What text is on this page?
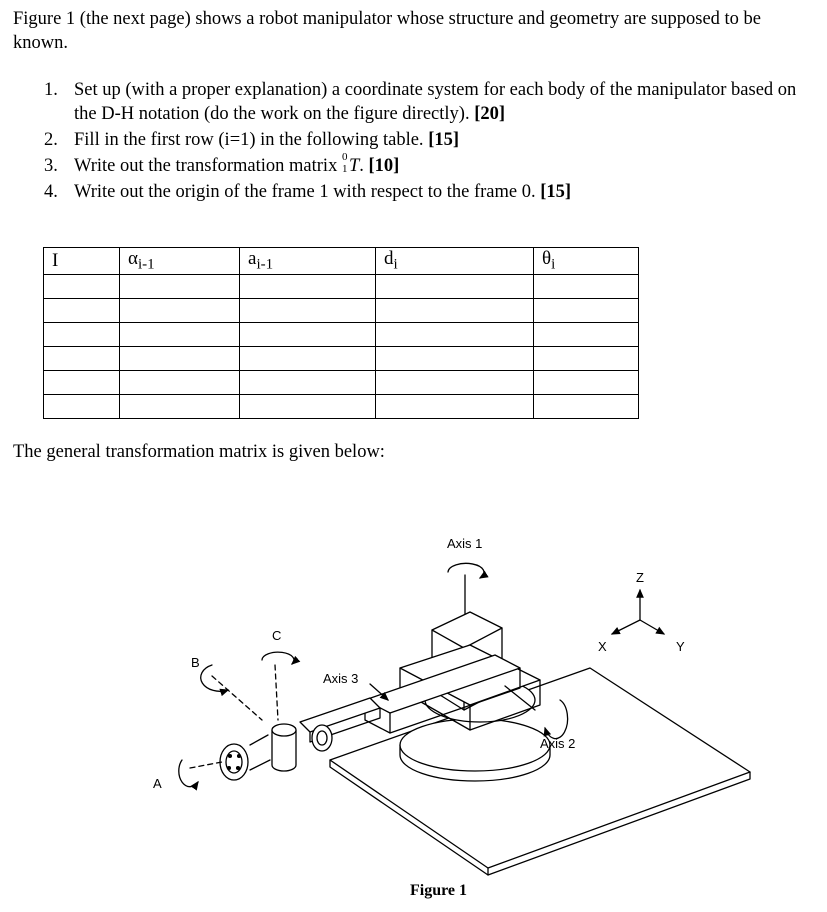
Figure 1 (the next page) shows a robot manipulator whose structure and geometry are supposed to be known.
1. Set up (with a proper explanation) a coordinate system for each body of the manipulator based on the D-H notation (do the work on the figure directly). [20]
2. Fill in the first row (i=1) in the following table. [15]
3. Write out the transformation matrix 0
1 T. [10]
4. Write out the origin of the frame 1 with respect to the frame 0. [15]
I	$\alpha_{i-1}$	$a_{i-1}$	$d_i$	$\theta_i$

The general transformation matrix is given below:
Axis 1
Axis 2
Axis 3
A
B
C
X	Y
Z
Figure 1
